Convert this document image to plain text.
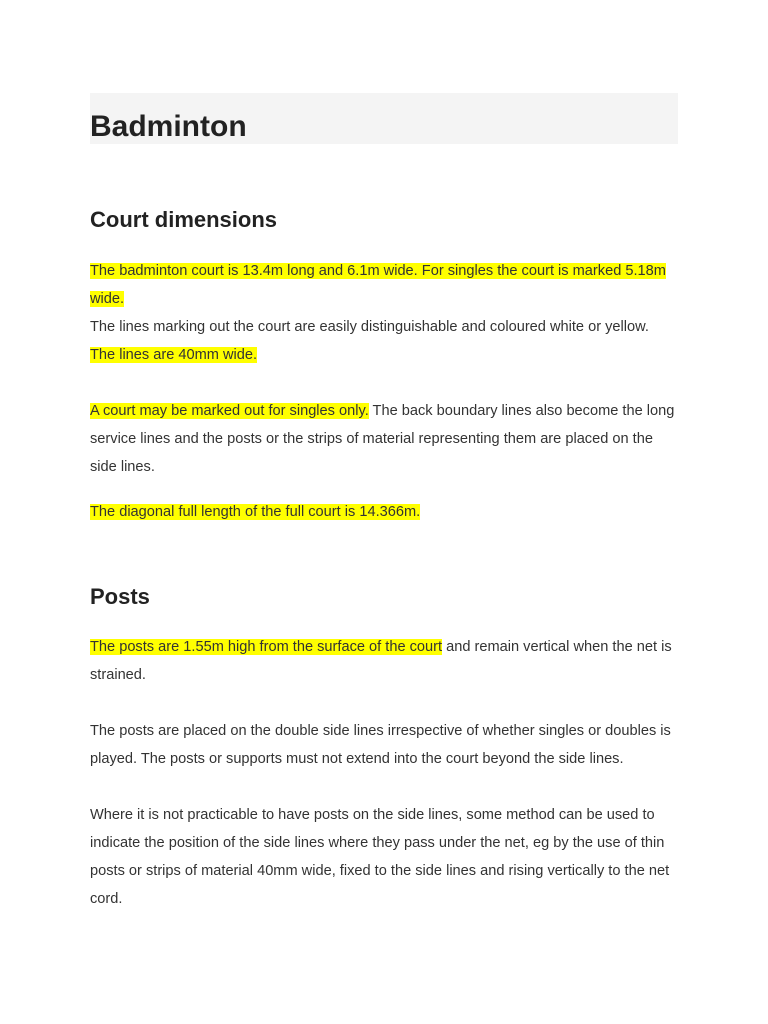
Badminton
Court dimensions

The badminton court is 13.4m long and 6.1m wide. For singles the court is marked 5.18m wide.

The lines marking out the court are easily distinguishable and coloured white or yellow.

The lines are 40mm wide.

A court may be marked out for singles only. The back boundary lines also become the long service lines and the posts or the strips of material representing them are placed on the side lines.

The diagonal full length of the full court is 14.366m.

Posts

The posts are 1.55m high from the surface of the court and remain vertical when the net is strained.

The posts are placed on the double side lines irrespective of whether singles or doubles is played. The posts or supports must not extend into the court beyond the side lines.

Where it is not practicable to have posts on the side lines, some method can be used to indicate the position of the side lines where they pass under the net, eg by the use of thin posts or strips of material 40mm wide, fixed to the side lines and rising vertically to the net cord.
